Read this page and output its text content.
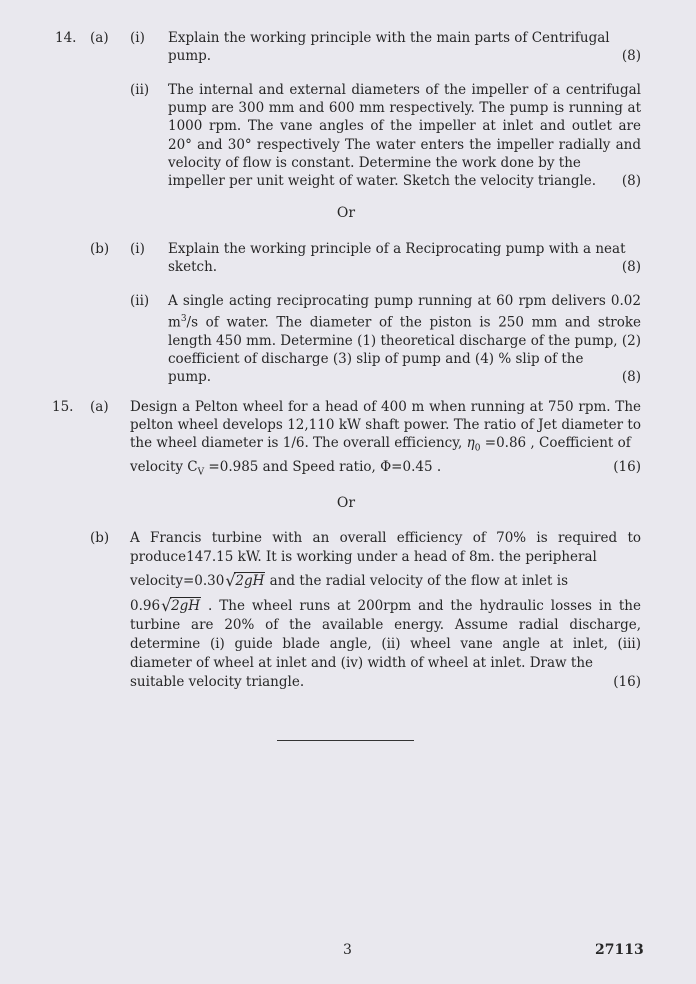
14. (a) (i) Explain the working principle with the main parts of Centrifugal
pump.	(8)
(ii) The internal and external diameters of the impeller of a centrifugal pump are 300 mm and 600 mm respectively. The pump is running at 1000 rpm. The vane angles of the impeller at inlet and outlet are 20° and 30° respectively The water enters the impeller radially and velocity of flow is constant. Determine the work done by the
impeller per unit weight of water. Sketch the velocity triangle.	(8)
Or
(b) (i) Explain the working principle of a Reciprocating pump with a neat
sketch.	(8)
(ii) A single acting reciprocating pump running at 60 rpm delivers 0.02 $m^3/s$ of water. The diameter of the piston is 250 mm and stroke length 450 mm. Determine (1) theoretical discharge of the pump, (2) coefficient of discharge (3) slip of pump and (4) % slip of the
pump.	(8)
15. (a) Design a Pelton wheel for a head of 400 m when running at 750 rpm. The pelton wheel develops 12,110 kW shaft power. The ratio of Jet diameter to the wheel diameter is 1/6. The overall efficiency, $\eta_0 =0.86$ , Coefficient of
velocity $C_V =0.985$ and Speed ratio, Φ=0.45 .	(16)
Or
(b) A Francis turbine with an overall efficiency of 70% is required to produce147.15 kW. It is working under a head of 8m. the peripheral
velocity=0.30 √ 2gH and the radial velocity of the flow at inlet is
0.96 √ 2gH . The wheel runs at 200rpm and the hydraulic losses in the turbine are 20% of the available energy. Assume radial discharge, determine (i) guide blade angle, (ii) wheel vane angle at inlet, (iii) diameter of wheel at inlet and (iv) width of wheel at inlet. Draw the
suitable velocity triangle.	(16)
3	27113
